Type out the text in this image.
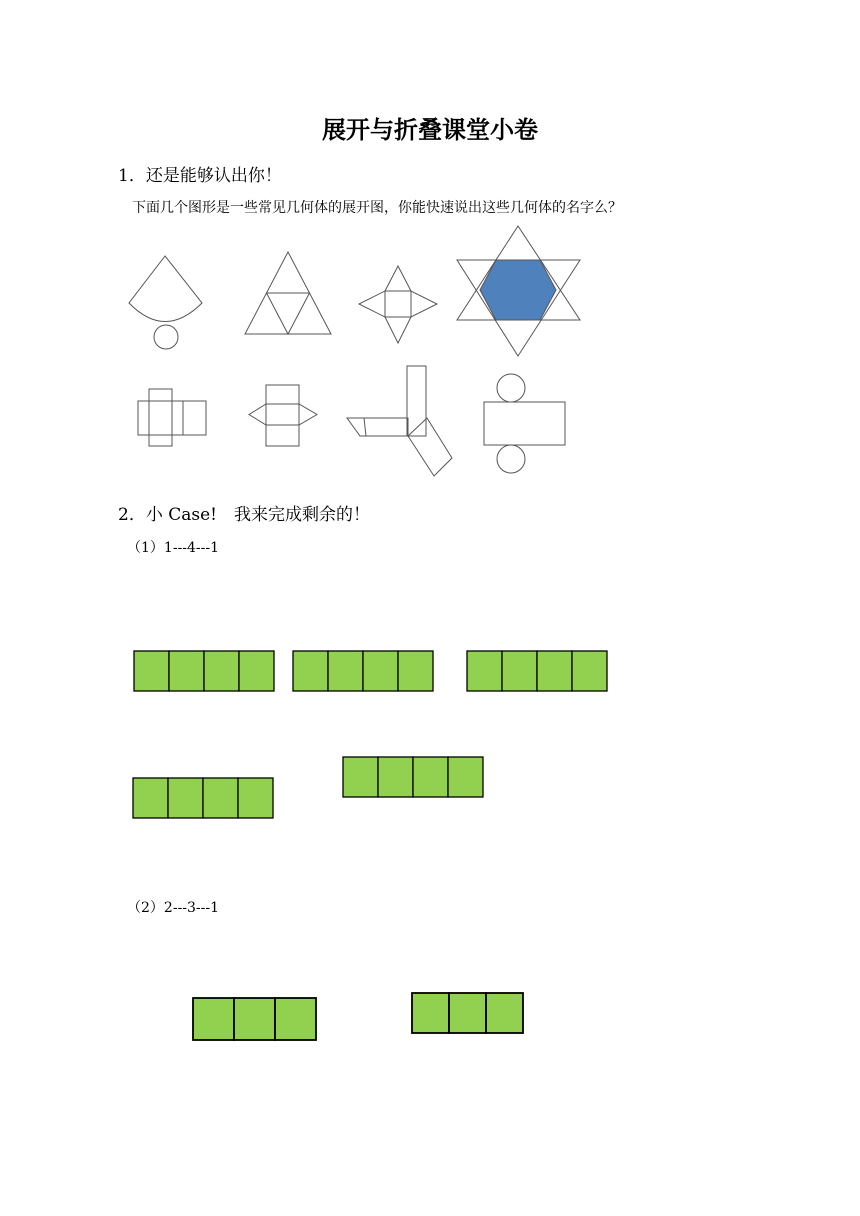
展开与折叠课堂小卷
1．还是能够认出你！
下面几个图形是一些常见几何体的展开图，你能快速说出这些几何体的名字么？
2．小 Case!　我来完成剩余的！
（1）1---4---1
（2）2---3---1
